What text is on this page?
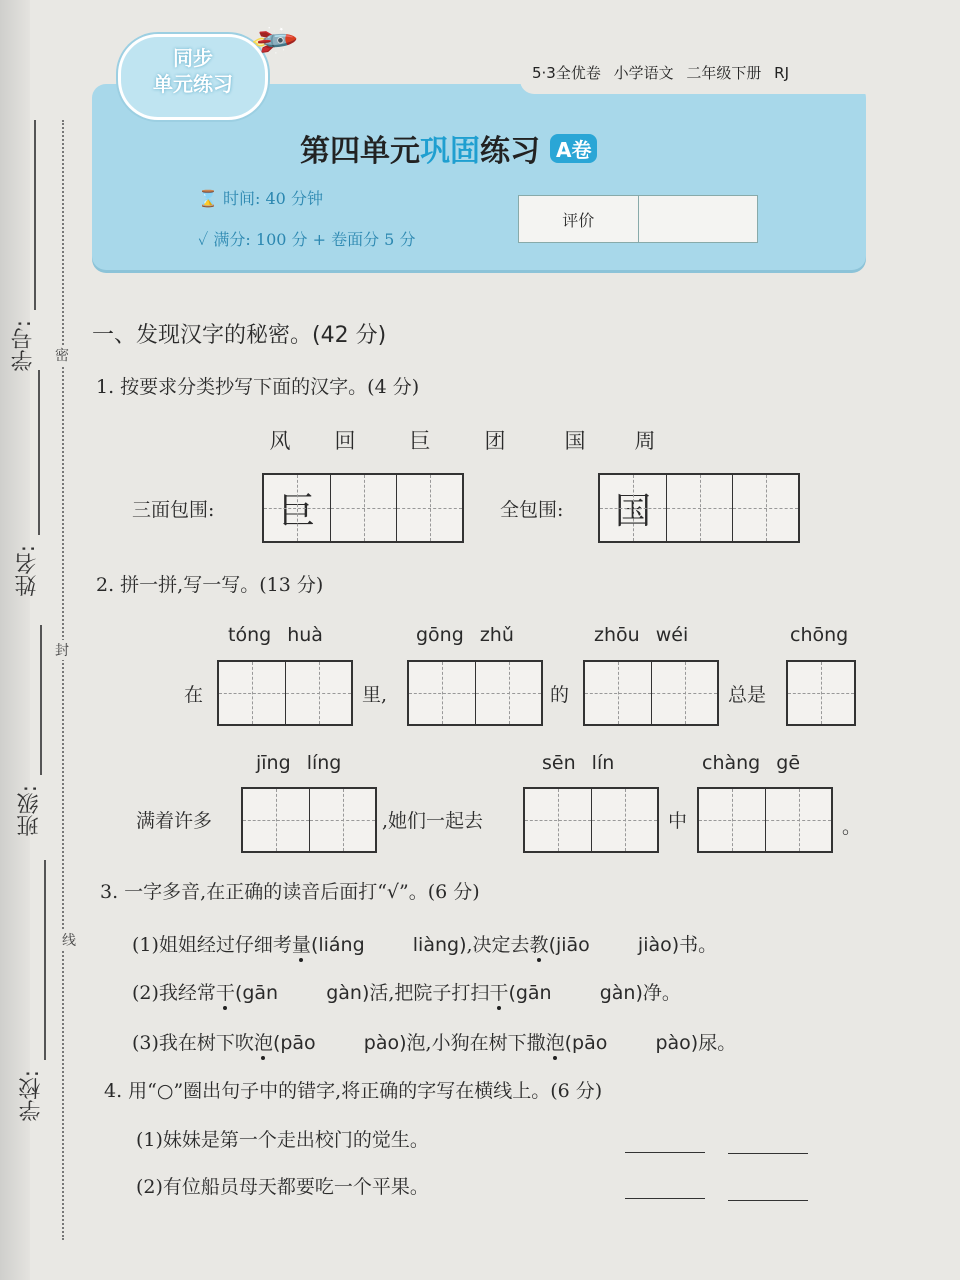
密
封
线
学号:
姓名:
班级:
学校:
5·3全优卷 小学语文 二年级下册 RJ
同步
单元练习
🚀
第四单元巩固练习 A卷
⌛ 时间: 40 分钟
✓ 满分: 100 分 + 卷面分 5 分
评价
一、发现汉字的秘密。(42 分)
1. 按要求分类抄写下面的汉字。(4 分)
风 回	巨	团	国 周
三面包围:	巨	全包围:	国
2. 拼一拼,写一写。(13 分)
tóng huà	gōng zhǔ	zhōu wéi	chōng
在	里,	的	总是
jīng líng	sēn lín	chàng gē
满着许多	,她们一起去	中	。
3. 一字多音,在正确的读音后面打“√”。(6 分)
(1)姐姐经过仔细考量(liáng   liàng),决定去教(jiāo   jiào)书。
(2)我经常干(gān   gàn)活,把院子打扫干(gān   gàn)净。
(3)我在树下吹泡(pāo   pào)泡,小狗在树下撒泡(pāo   pào)尿。
4. 用“○”圈出句子中的错字,将正确的字写在横线上。(6 分)
(1)妹妹是第一个走出校门的觉生。
(2)有位船员母天都要吃一个平果。
